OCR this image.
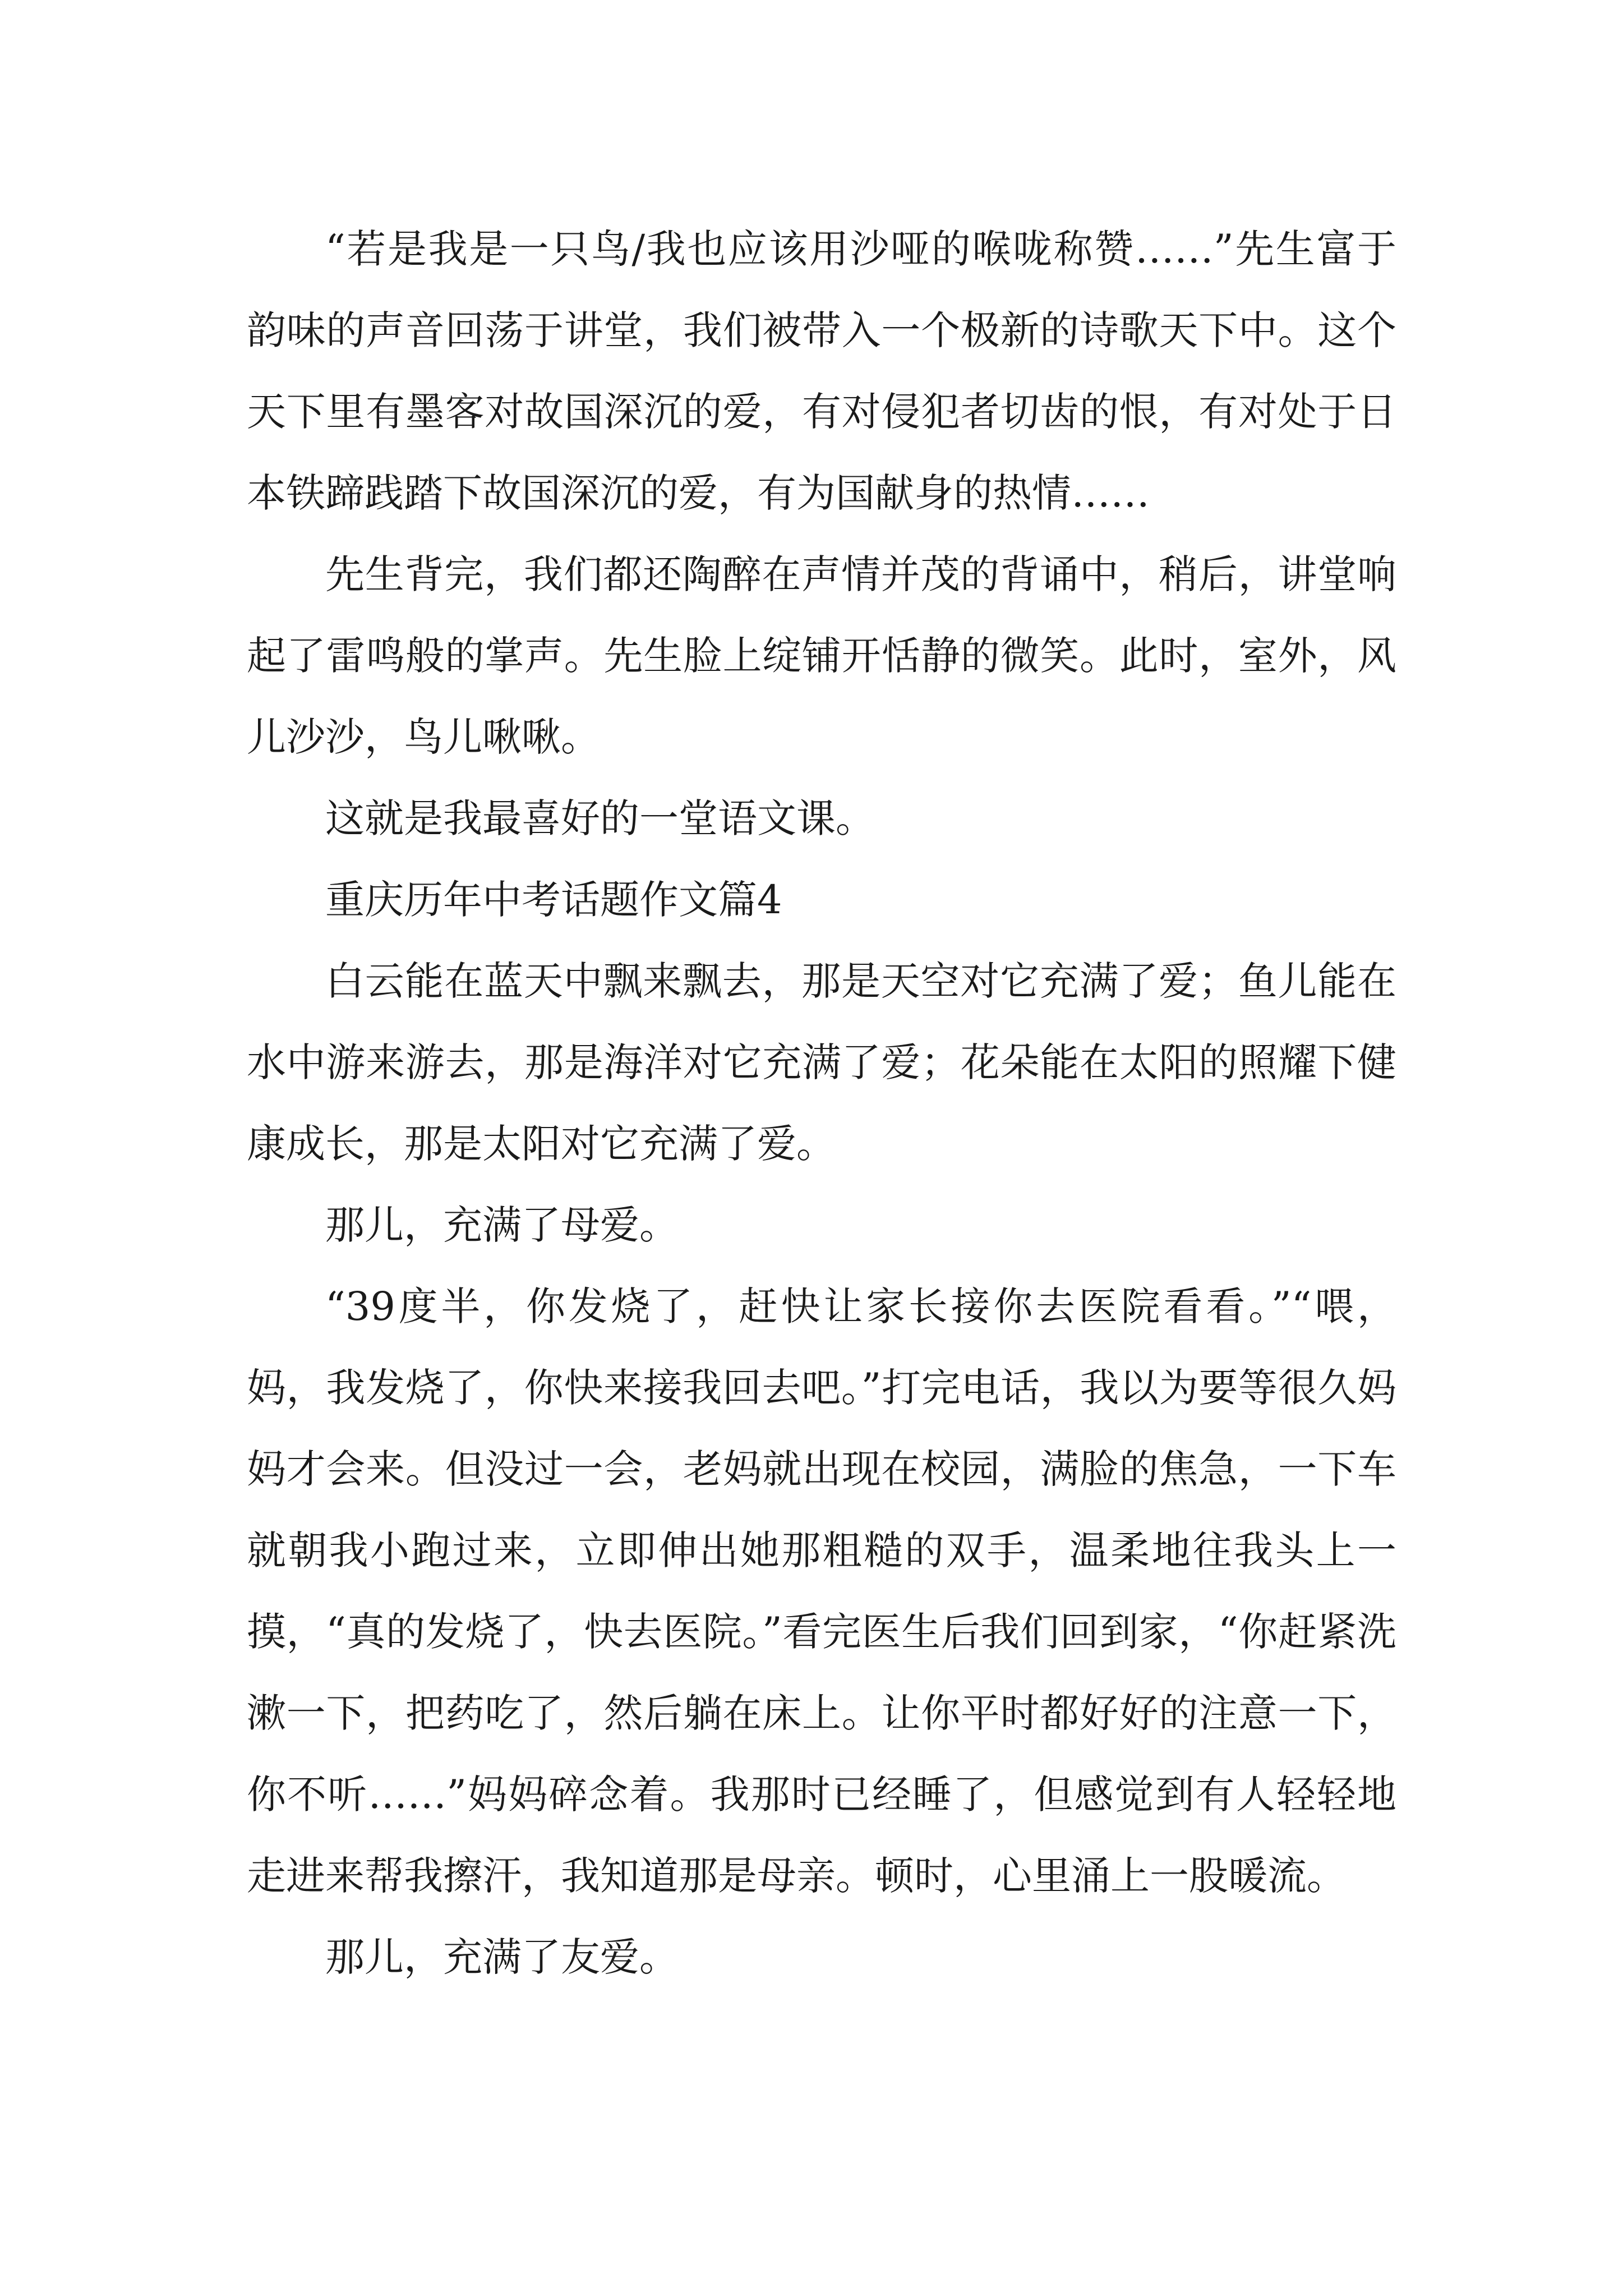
“若是我是一只鸟/我也应该用沙哑的喉咙称赞……”先生富于韵味的声音回荡于讲堂，我们被带入一个极新的诗歌天下中。这个天下里有墨客对故国深沉的爱，有对侵犯者切齿的恨，有对处于日本铁蹄践踏下故国深沉的爱，有为国献身的热情……

先生背完，我们都还陶醉在声情并茂的背诵中，稍后，讲堂响起了雷鸣般的掌声。先生脸上绽铺开恬静的微笑。此时，室外，风儿沙沙，鸟儿啾啾。

这就是我最喜好的一堂语文课。

重庆历年中考话题作文篇4

白云能在蓝天中飘来飘去，那是天空对它充满了爱；鱼儿能在水中游来游去，那是海洋对它充满了爱；花朵能在太阳的照耀下健康成长，那是太阳对它充满了爱。

那儿，充满了母爱。

“39度半，你发烧了，赶快让家长接你去医院看看。”“喂，妈，我发烧了，你快来接我回去吧。”打完电话，我以为要等很久妈妈才会来。但没过一会，老妈就出现在校园，满脸的焦急，一下车就朝我小跑过来，立即伸出她那粗糙的双手，温柔地往我头上一摸，“真的发烧了，快去医院。”看完医生后我们回到家，“你赶紧洗漱一下，把药吃了，然后躺在床上。让你平时都好好的注意一下，你不听……”妈妈碎念着。我那时已经睡了，但感觉到有人轻轻地走进来帮我擦汗，我知道那是母亲。顿时，心里涌上一股暖流。

那儿，充满了友爱。
